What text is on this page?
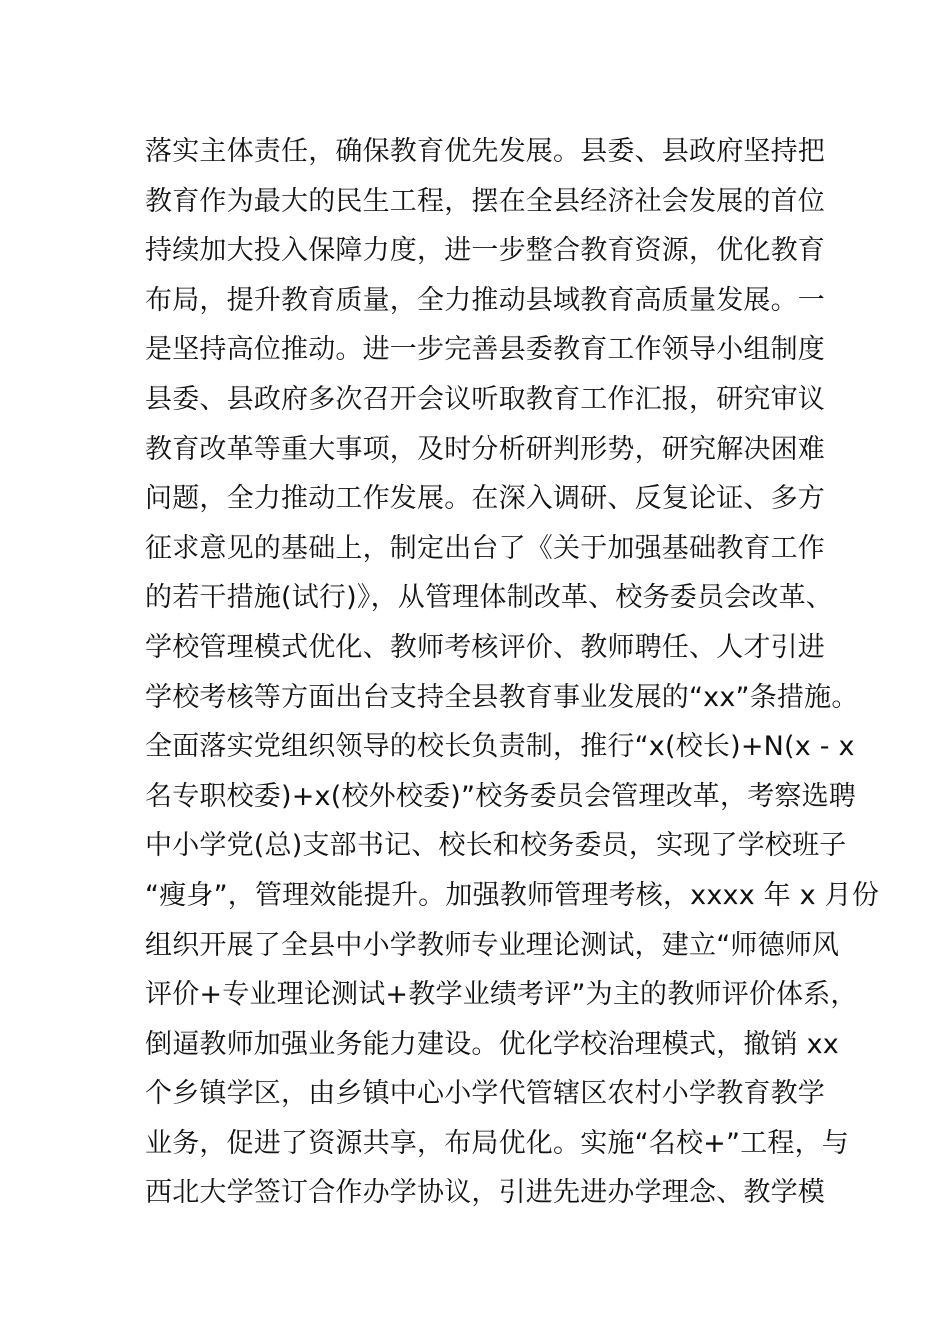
落实主体责任，确保教育优先发展。县委、县政府坚持把
教育作为最大的民生工程，摆在全县经济社会发展的首位
持续加大投入保障力度，进一步整合教育资源，优化教育
布局，提升教育质量，全力推动县域教育高质量发展。一
是坚持高位推动。进一步完善县委教育工作领导小组制度
县委、县政府多次召开会议听取教育工作汇报，研究审议
教育改革等重大事项，及时分析研判形势，研究解决困难
问题，全力推动工作发展。在深入调研、反复论证、多方
征求意见的基础上，制定出台了《关于加强基础教育工作
的若干措施(试行)》，从管理体制改革、校务委员会改革、
学校管理模式优化、教师考核评价、教师聘任、人才引进
学校考核等方面出台支持全县教育事业发展的“xx”条措施。
全面落实党组织领导的校长负责制，推行“x(校长)+N(x - x
名专职校委)+x(校外校委)”校务委员会管理改革，考察选聘
中小学党(总)支部书记、校长和校务委员，实现了学校班子
“瘦身”，管理效能提升。加强教师管理考核，xxxx 年 x 月份
组织开展了全县中小学教师专业理论测试，建立“师德师风
评价+专业理论测试+教学业绩考评”为主的教师评价体系，
倒逼教师加强业务能力建设。优化学校治理模式，撤销 xx
个乡镇学区，由乡镇中心小学代管辖区农村小学教育教学
业务，促进了资源共享，布局优化。实施“名校+”工程，与
西北大学签订合作办学协议，引进先进办学理念、教学模
